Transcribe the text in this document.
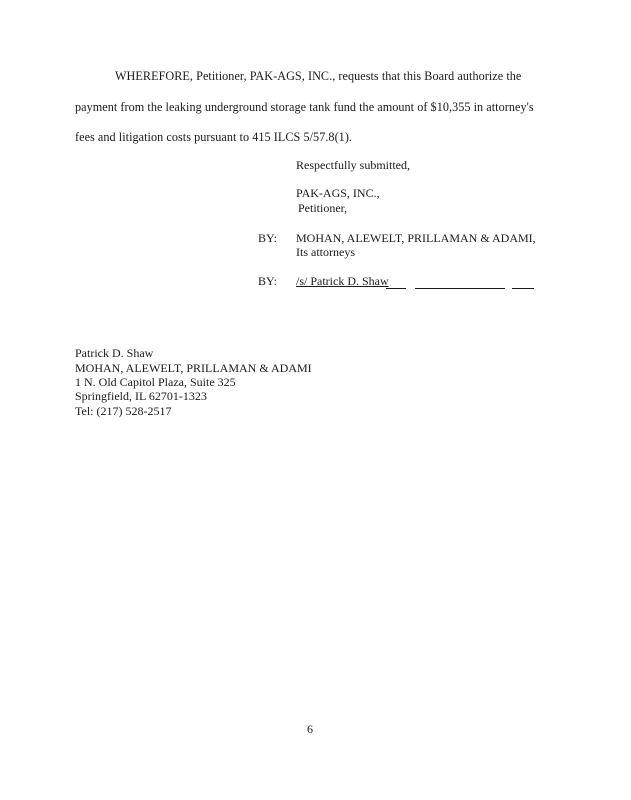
WHEREFORE, Petitioner, PAK-AGS, INC., requests that this Board authorize the
payment from the leaking underground storage tank fund the amount of $10,355 in attorney's
fees and litigation costs pursuant to 415 ILCS 5/57.8(1).
Respectfully submitted,
PAK-AGS, INC.,
Petitioner,
BY: MOHAN, ALEWELT, PRILLAMAN & ADAMI,
Its attorneys
BY: /s/ Patrick D. Shaw
Patrick D. Shaw
MOHAN, ALEWELT, PRILLAMAN & ADAMI
1 N. Old Capitol Plaza, Suite 325
Springfield, IL 62701-1323
Tel: (217) 528-2517
6
